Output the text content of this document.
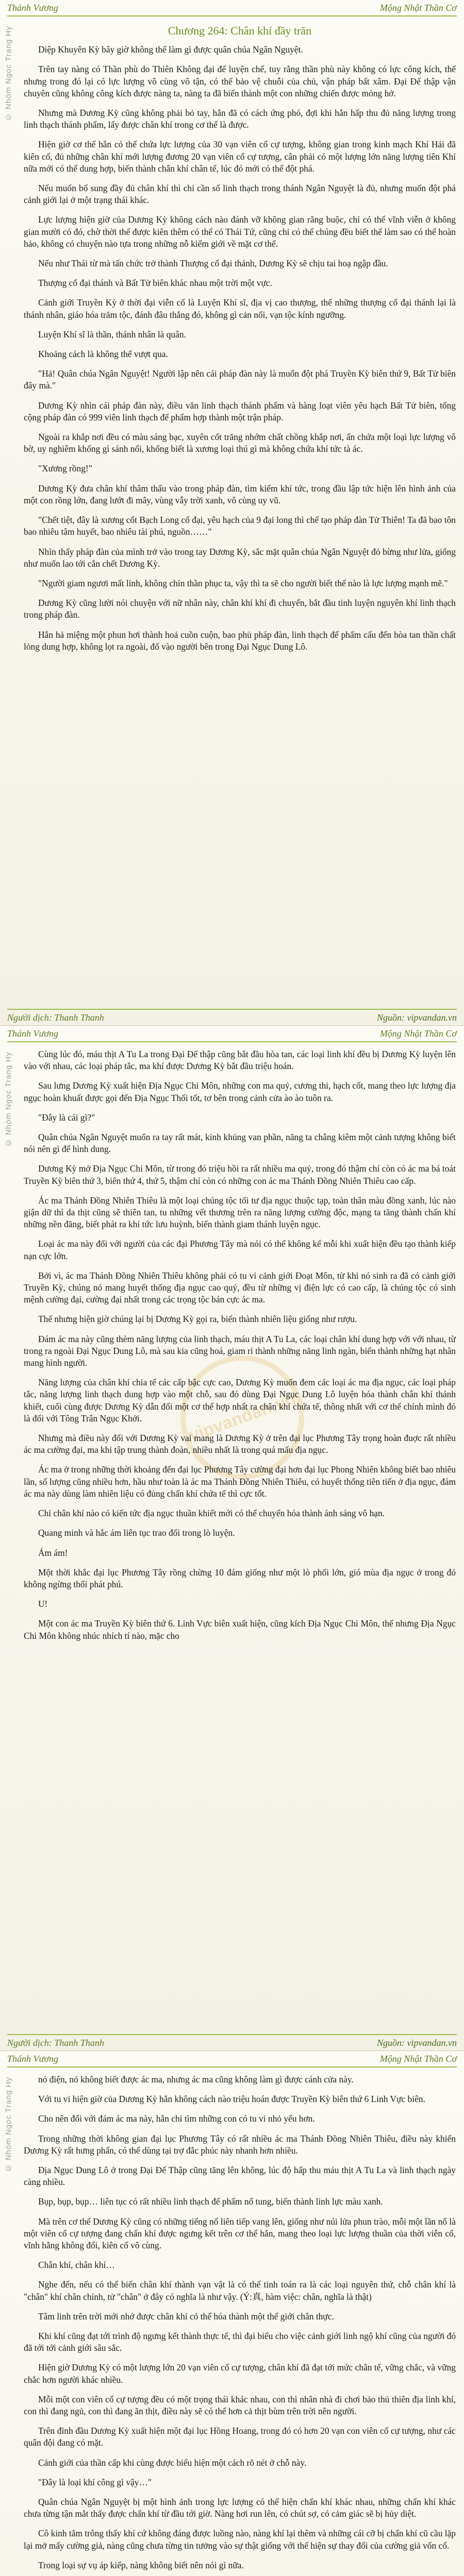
Thánh Vương	Mộng Nhật Thần Cơ
© Nhóm Ngọc Trang Hy	Chương 264: Chân khí đầy trăn

Diệp Khuyên Kỳ bây giờ không thể làm gì được quân chúa Ngân Nguyệt.

Trên tay nàng có Thần phù do Thiên Không đại đế luyện chế, tuy rằng thần phù này không có lực công kích, thế nhưng trong đó lại có lực lượng vô cùng vô tận, có thể bảo vệ chuỗi của chủ, vận pháp bất xâm. Đại Đế thập vận chuyên cũng không công kích được nàng ta, nàng ta đã biến thành một con những chiến được mỏng hở.

Nhưng mà Dương Kỳ cũng không phải bỏ tay, hắn đã có cách ứng phó, đợi khi hắn hấp thu đủ năng lượng trong linh thạch thánh phẩm, lấy được chân khí trong cơ thể là được.

Hiện giờ cơ thể hắn có thể chứa lực lượng của 30 vạn viên cổ cự tượng, không gian trong kinh mạch Khí Hải đã kiên cố, đủ những chân khí mới lượng đương 20 vạn viên cổ cự tượng, cân phải có một lượng lớn năng lượng tiên Khí nữa mới có thể dung hợp, biến thành chân khí chân tế, lúc đó mới có thể đột phá.

Nếu muốn bổ sung đầy đủ chân khí thì chỉ cần số linh thạch trong thánh Ngân Nguyệt là đủ, nhưng muốn đột phá cảnh giới lại ở một trạng thái khác.

Lực lượng hiện giờ của Dương Kỳ không cách nào đánh vỡ không gian rằng buộc, chỉ có thể vĩnh viễn ở không gian mười có đó, chờ thời thế được kiên thêm có thể có Thái Tứ, cũng chỉ có thể chúng đều biết thế làm sao có thể hoàn hảo, không có chuyện nào tựa trong những nỗ kiếm giới về mặt cơ thể.

Nếu như Thái từ mà tấn chức trở thành Thượng cổ đại thánh, Dương Kỳ sẽ chịu tai hoạ ngập đầu.

Thượng cổ đại thánh và Bất Tử biên khác nhau một trời một vực.

Cảnh giới Truyền Kỳ ở thời đại viễn cổ là Luyện Khí sĩ, địa vị cao thượng, thế những thượng cổ đại thánh lại là thánh nhân, giáo hóa trăm tộc, đánh đâu thắng đó, không gì cản nổi, vạn tộc kính ngưỡng.

Luyện Khí sĩ là thần, thánh nhân là quân.

Khoảng cách là không thể vượt qua.

"Hả! Quân chúa Ngân Nguyệt! Người lập nên cái pháp đàn này là muốn đột phá Truyền Kỳ biên thứ 9, Bất Tử biên đây mà."

Dương Kỳ nhìn cái pháp đàn này, điều văn linh thạch thánh phẩm và hàng loạt viên yêu hạch Bất Tử biên, tổng cộng pháp đàn có 999 viên linh thạch để phẩm hợp thành một trận pháp.

Ngoài ra khắp nơi đều có màu sáng bạc, xuyên cốt trăng nhớm chất chồng khắp nơi, ẩn chứa một loại lực lượng vô bờ, uy nghiêm khổng gì sánh nổi, khổng biết là xương loại thú gì mà không chứa khí tức tà ác.

"Xương rồng!"

Dương Kỳ đưa chân khí thâm thấu vào trong pháp đàn, tìm kiếm khí tức, trong đầu lập tức hiện lên hình ảnh của một con rồng lớn, đang lướt đi mây, vùng vẫy trời xanh, vô cùng uy vũ.

"Chết tiệt, đây là xương cốt Bạch Long cổ đại, yêu hạch của 9 đại long thì chế tạo pháp đàn Tử Thiên! Ta đã bao tôn bao nhiêu tâm huyết, bao nhiêu tài phú, nguồn……"

Nhìn thấy pháp đàn của mình trở vào trong tay Dương Kỳ, sắc mặt quân chúa Ngân Nguyệt đỏ bừng như lửa, giống như muốn lao tới cắn chết Dương Kỳ.

"Người giam ngươi mất linh, không chín thần phục ta, vậy thì ta sẽ cho người biết thế nào là lực lượng mạnh mẽ."

Dương Kỳ cũng lười nói chuyện với nữ nhân này, chân khí khí đi chuyển, bắt đầu tinh luyện nguyên khí linh thạch trong pháp đàn.

Hắn hả miệng một phun hơi thành hoả cuồn cuộn, bao phủ pháp đàn, linh thạch để phẩm cấu đến hòa tan thần chất lỏng dung hợp, không lọt ra ngoài, đổ vào người bên trong Đại Ngục Dung Lô.

Người dịch: Thanh Thanh	Nguồn: vipvandan.vn
Thánh Vương	Mộng Nhật Thần Cơ
© Nhóm Ngọc Trang Hy
vipvandan.vn

Cùng lúc đó, máu thịt A Tu La trong Đại Đế thập cũng bắt đầu hòa tan, các loại linh khí đều bị Dương Kỳ luyện lên vào với nhau, các loại pháp tắc, ma khí được Dương Kỳ bắt đầu triệu hoán.

Sau lưng Dương Kỳ xuất hiện Địa Ngục Chi Môn, những con ma quỷ, cương thi, hạch cốt, mang theo lực lượng địa ngục hoàn khuất được gọi đến Địa Ngục Thối tốt, tơ bên trong cảnh cửa ào ào tuôn ra.

"Đây là cái gì?"

Quân chúa Ngân Nguyệt muốn ra tay rất mát, kinh khủng van phần, năng ta chẳng kiêm một cảnh tượng không biết nói nên gì để hình dung.

Dương Kỳ mở Địa Ngục Chi Môn, từ trong đó triệu hồi ra rất nhiều ma quỷ, trong đó thậm chí còn có ác ma bá toát Truyền Kỳ biên thứ 3, biên thứ 4, thứ 5, thậm chí còn có những con ác ma Thánh Đồng Nhiên Thiêu cao cấp.

Ác ma Thánh Đồng Nhiên Thiêu là một loại chúng tộc tối tư địa ngục thuộc tạp, toàn thân màu đồng xanh, lúc nào giận dữ thì da thịt cũng sẽ thiên tan, tu những vết thương trên ra năng lượng cường độc, mạng ta tăng thành chấn khí những nền đăng, biết phát ra khí tức lưu huỳnh, biến thành giam thánh luyện ngục.

Loại ác ma này đối với người của các đại Phương Tây mà nói có thể không kể mỗi khi xuất hiện đều tạo thành kiếp nạn cực lớn.

Bởi vì, ác ma Thánh Đồng Nhiên Thiêu không phải có tu vi cảnh giới Đoạt Môn, từ khi nó sinh ra đã có cảnh giới Truyền Kỳ, chúng nó mang huyết thống địa ngục cao quý, đều từ những vị điện lực có cao cấp, là chúng tộc có sinh mệnh cường đại, cường đại nhất trong các trọng tộc bán cực ác ma.

Thế nhưng hiện giờ chúng lại bị Dương Kỳ gọi ra, biến thành nhiên liệu giống như rượu.

Đám ác ma này cũng thèm năng lượng của linh thạch, máu thịt A Tu La, các loại chân khí dung hợp với với nhau, từ trong ra ngoài Đại Ngục Dung Lô, mà sau kia cũng hoá, giam rỉ thành những năng linh ngàn, biến thành những hạt nhân mang hình người.

Năng lượng của chân khí chia tế các cấp bậc cực cao, Dương Kỳ muốn đem các loại ác ma địa ngục, các loại pháp tắc, năng lượng linh thạch dung hợp vào một chỗ, sau đó dùng Đại Ngục Dung Lô luyện hóa thành chân khí thánh khiết, cuối cùng được Dương Kỳ dẫn đổi một cơ thể hợp nhất ra chân khí chứa tế, thông nhất với cơ thể chính mình đó là đối với Tông Trân Ngục Khởi.

Nhưng mà điều này đối với Dương Kỳ vai mang là Dương Kỳ ở trên đại lục Phương Tây trọng hoàn đuợc rất nhiều ác ma cường đại, ma khi tập trung thành đoàn, nhiều nhất là trong quá mấu địa ngục.

Ác ma ở trong những thời khoảng đến đại lục Phương Tây cường đại hơn đại lục Phong Nhiên không biết bao nhiêu lần, số lượng cũng nhiều hơn, hầu như toàn là ác ma Thánh Đồng Nhiên Thiêu, có huyết thống tiên tiến ở địa ngục, đám ác ma này dùng làm nhiên liệu có đủng chấn khí chứa tế thì cực tốt.

Chỉ chân khí nào có kiến tức địa ngục thuần khiết mới có thể chuyển hóa thành ánh sáng vô hạn.

Quang minh và hắc ám liên tục trao đổi trong lò luyện.

Ám ám!

Một thời khắc đại lục Phương Tây rồng chừng 10 đám giống như một lò phối lớn, gió mùa địa ngục ở trong đó không ngừng thổi phát phú.

U!

Một con ác ma Truyền Kỳ biên thứ 6. Linh Vực biên xuất hiện, cũng kích Địa Ngục Chi Môn, thế nhưng Địa Ngục Chi Môn không nhúc nhích tí nào, mặc cho

Người dịch: Thanh Thanh	Nguồn: vipvandan.vn
Thánh Vương	Mộng Nhật Thần Cơ
© Nhóm Ngọc Trang Hy	nó điện, nó không biết được ác ma, nhưng ác ma cũng không làm gì được cánh cửa này.

Với tu vi hiện giờ của Dương Kỳ hắn không cách nào triệu hoán được Truyền Kỳ biên thứ 6 Linh Vực biên.

Cho nên đối với đám ác ma này, hắn chỉ tìm những con có tu vi nhỏ yếu hơn.

Trong những thời không gian đại lục Phương Tây có rất nhiều ác ma Thánh Đồng Nhiên Thiêu, điều này khiến Dương Kỳ rất hưng phấn, có thể dùng tại trợ đắc phúc này nhanh hơn nhiều.

Địa Ngục Dung Lô ở trong Đại Đế Thập cũng tăng lên không, lúc độ hấp thu máu thịt A Tu La và linh thạch ngày càng nhiều.

Bụp, bụp, bụp… liên tục có rất nhiều linh thạch đế phẩm nổ tung, biến thành linh lực màu xanh.

Mà trên cơ thể Dương Kỳ cũng có những tiếng nổ liên tiếp vang lên, giống như núi lửa phun trào, mỗi một lần nổ là một viên cổ cự tượng đang chấn khí được ngưng kết trên cơ thể hắn, mang theo loại lực lượng thuần của thời viễn cổ, vĩnh hằng không đổi, kiên cố vô cùng.

Chân khí, chân khí…

Nghe đến, nếu có thể biến chân khí thành vạn vật là có thể tinh toán ra là các loại nguyên thứ, chỗ chân khí là "chân" khí chân chính, tử "chân" ở đây có nghĩa là như vậy. (Ý:真, hàm việc: chân, nghĩa là thật)

Tâm linh trên trời mới nhớ được chân khí có thể hóa thành một thể giới chân thực.

Khi khí cũng đạt tới trình độ ngưng kết thành thực tế, thì đại biểu cho việc cảnh giới linh ngộ khí cũng của người đó đã tới tới cảnh giới sâu sắc.

Hiện giờ Dương Kỳ có một lượng lớn 20 vạn viên cổ cự tượng, chân khí đã đạt tới mức chân tế, vững chắc, và vững chắc hơn người khác nhiều.

Mỗi một con viên cổ cự tượng đều có một trọng thái khác nhau, con thì nhân nhà đi chơi bảo thủ thiên địa linh khí, con thì đang ngủ, con thì đang ăn thịt, điều này sẽ có thể hơn cả thịt bùm trên trời nên người.

Trên đỉnh đầu Dương Kỳ xuất hiện một đại lục Hồng Hoang, trong đó có hơn 20 vạn con viên cổ cự tượng, như các quân đội đang có mặt.

Cảnh giới của thần cấp khi cùng được biểu hiện một cách rõ nét ở chỗ này.

"Đây là loại khí công gì vậy…"

Quân chúa Ngân Nguyệt bị một hình ảnh trong lực lượng có thể hiện chấn khí khác nhau, những chấn khí khác chưa từng tận mắt thấy được chấn khí từ đầu tới giờ. Nàng hơi run lên, có chút sợ, có cảm giác sẽ bị hủy diệt.

Cô kinh tắm trông thấy khí cứ không đáng được luồng nào, nàng khí lại thêm và những cái cỡ bị chấn khí cũ cầu lặp lại mở mấy cường giả, nàng cũng chưa từng tin tưởng vào sự thật giống với thể hiện sự thay đổi của cường giả vốn cổ.

Trong loại sự vụ áp kiếp, nàng không biết nên nói gì nữa.
